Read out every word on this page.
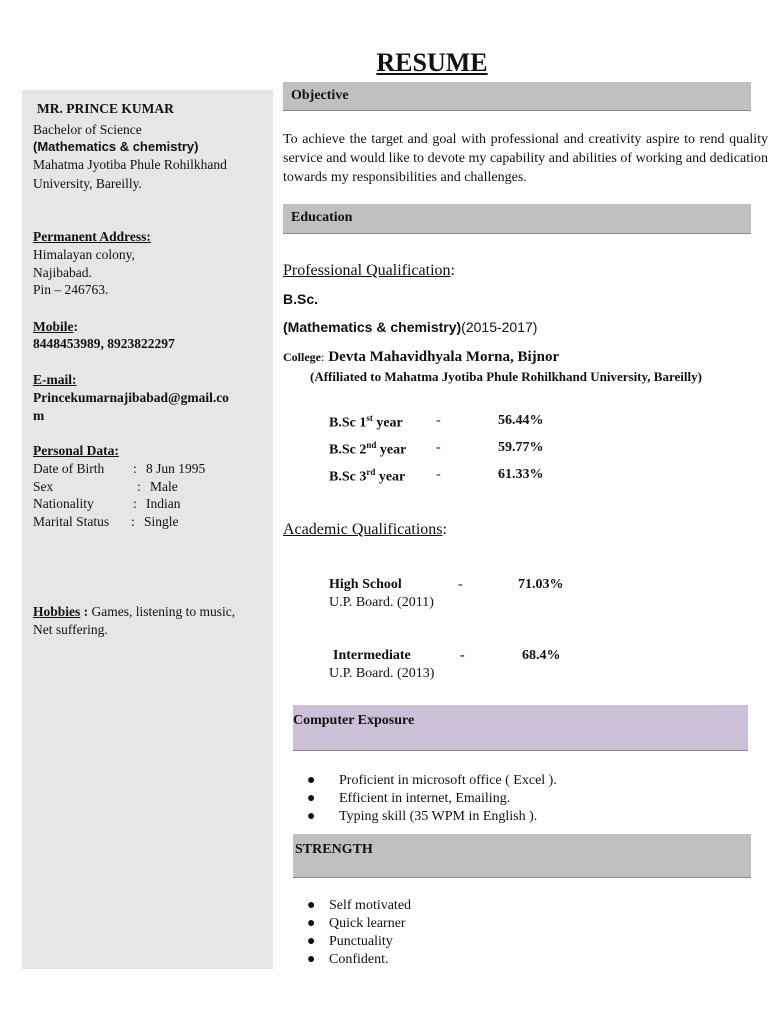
RESUME
MR. PRINCE KUMAR
Bachelor of Science
(Mathematics & chemistry)
Mahatma Jyotiba Phule Rohilkhand
University, Bareilly.
Permanent Address:
Himalayan colony,
Najibabad.
Pin – 246763.
Mobile:
8448453989, 8923822297
E-mail:
Princekumarnajibabad@gmail.co
m
Personal Data:
Date of Birth : 8 Jun 1995
Sex	: Male
Nationality	: Indian
Marital Status : Single
Hobbies : Games, listening to music,
Net suffering.
Objective
To achieve the target and goal with professional and creativity aspire to rend quality service and would like to devote my capability and abilities of working and dedication towards my responsibilities and challenges.
Education
Professional Qualification:
B.Sc.
(Mathematics & chemistry)(2015-2017)
College: Devta Mahavidhyala Morna, Bijnor
(Affiliated to Mahatma Jyotiba Phule Rohilkhand University, Bareilly)
B.Sc 1st year -	56.44%
B.Sc 2nd year -	59.77%
B.Sc 3rd year -	61.33%
Academic Qualifications:
High School	-	71.03%
U.P. Board. (2011)
Intermediate	-	68.4%
U.P. Board. (2013)
Computer Exposure
● Proficient in microsoft office ( Excel ).
● Efficient in internet, Emailing.
● Typing skill (35 WPM in English ).
STRENGTH
● Self motivated
● Quick learner
● Punctuality
● Confident.
